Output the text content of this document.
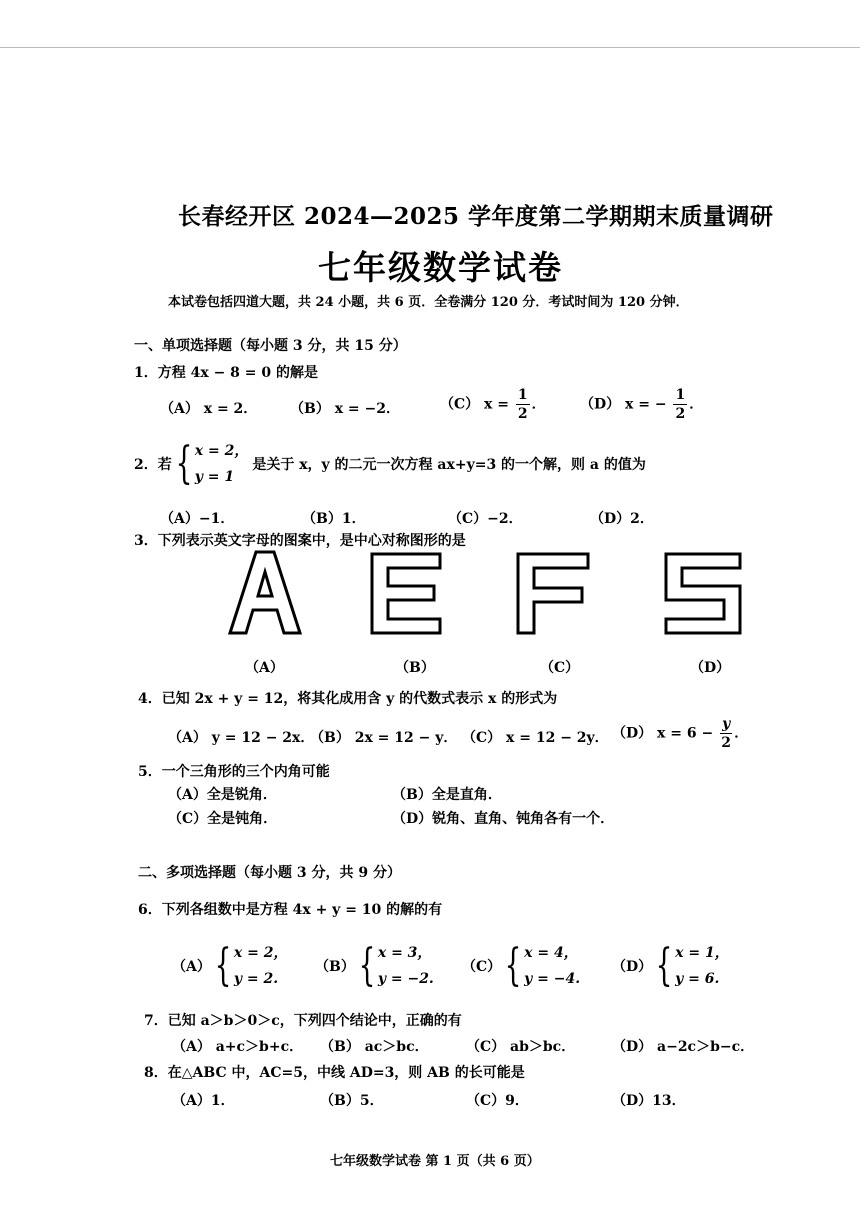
长春经开区 2024—2025 学年度第二学期期末质量调研
七年级数学试卷
本试卷包括四道大题，共 24 小题，共 6 页．全卷满分 120 分．考试时间为 120 分钟．
一、单项选择题（每小题 3 分，共 15 分）
1．方程 4x − 8 = 0 的解是
（A） x = 2． （B） x = −2．	（C） $x = \frac{1}{2}$ ． （D） x = − $\frac{1}{2}$ ．
2．若 { x = 2，
y = 1
是关于 x，y 的二元一次方程 ax+y=3 的一个解，则 a 的值为
（A）−1．	（B）1．	（C）−2．	（D）2．
3．下列表示英文字母的图案中，是中心对称图形的是
（A）	（B）	（C）	（D）
4．已知 2x + y = 12，将其化成用含 y 的代数式表示 x 的形式为
（A） y = 12 − 2x．
（B） 2x = 12 − y． （C） x = 12 − 2y． （D） $x = 6 - \frac{y}{2}$ ．
5．一个三角形的三个内角可能
（A）全是锐角．	（B）全是直角．
（C）全是钝角．	（D）锐角、直角、钝角各有一个．
二、多项选择题（每小题 3 分，共 9 分）
6．下列各组数中是方程 4x + y = 10 的解的有
（A） { x = 2，
y = 2.
（B） { x = 3，
y = −2.
（C） { x = 4，
y = −4.
（D） { x = 1，
y = 6.
7．已知 a＞b＞0＞c，下列四个结论中，正确的有
（A） a+c＞b+c． （B） ac＞bc．	（C） ab＞bc．	（D） a−2c＞b−c．
8．在△ABC 中，AC=5，中线 AD=3，则 AB 的长可能是
（A）1．	（B）5．	（C）9．	（D）13．
七年级数学试卷 第 1 页（共 6 页）
